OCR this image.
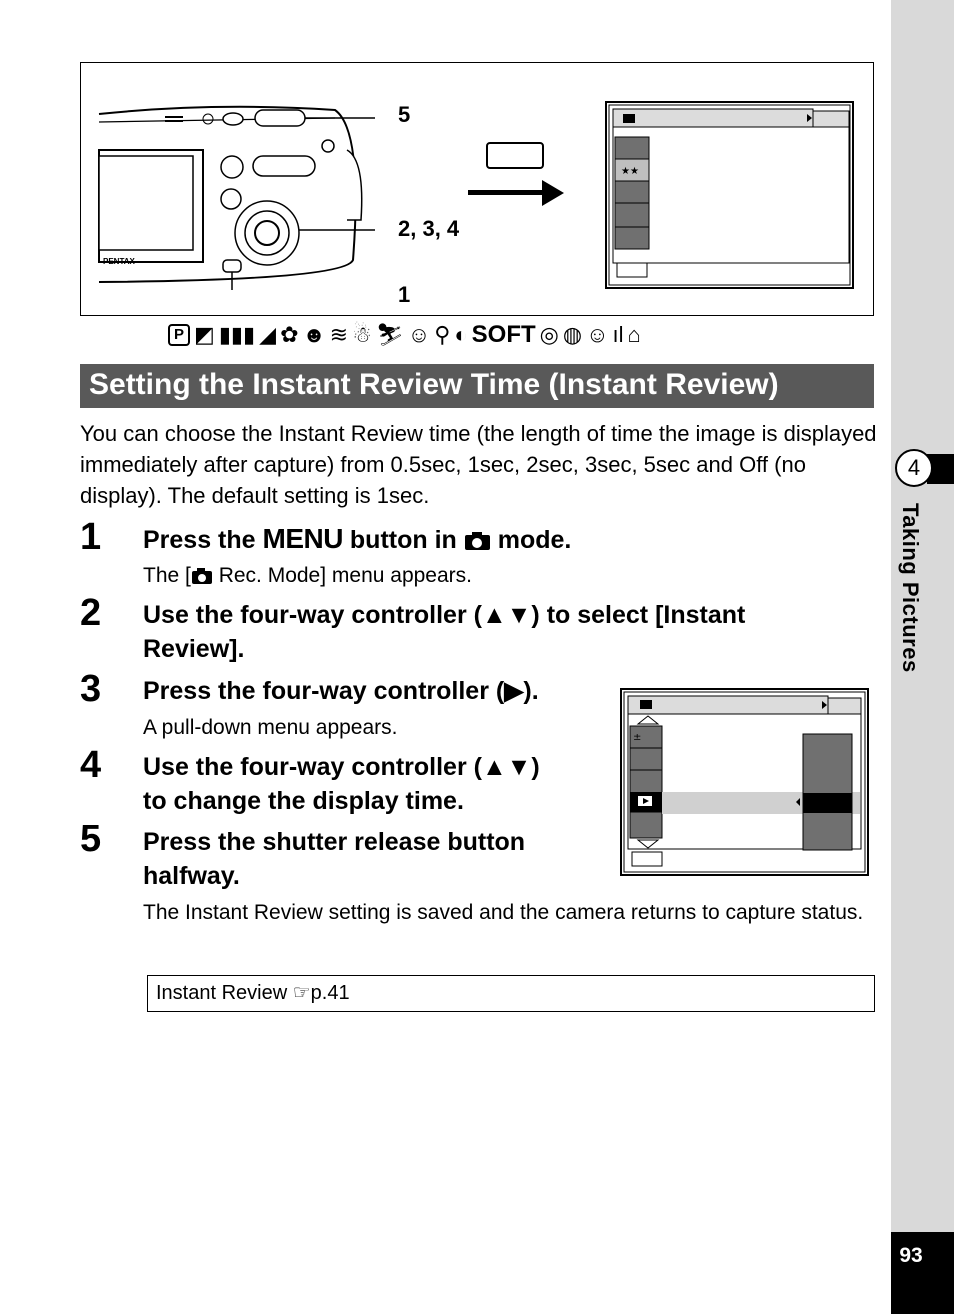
4
Taking Pictures
93
PENTAX
5
2, 3, 4
1
★★
P ◩ ▮▮▮ ◢ ✿ ☻ ≋ ☃ ⛷ ☺ ⚲ ◐ SOFT ◎ ◍ ☺ ıl ⌂
Setting the Instant Review Time (Instant Review)
You can choose the Instant Review time (the length of time the image is displayed immediately after capture) from 0.5sec, 1sec, 2sec, 3sec, 5sec and Off (no display). The default setting is 1sec.
1 Press the MENU button in  mode.
The [ Rec. Mode] menu appears.
2 Use the four-way controller (▲▼) to select [Instant
Review].
3 Press the four-way controller (▶).
A pull-down menu appears.
4 Use the four-way controller (▲▼)
to change the display time.
5 Press the shutter release button
halfway.
The Instant Review setting is saved and the camera returns to capture status.
±
Instant Review ☞p.41
